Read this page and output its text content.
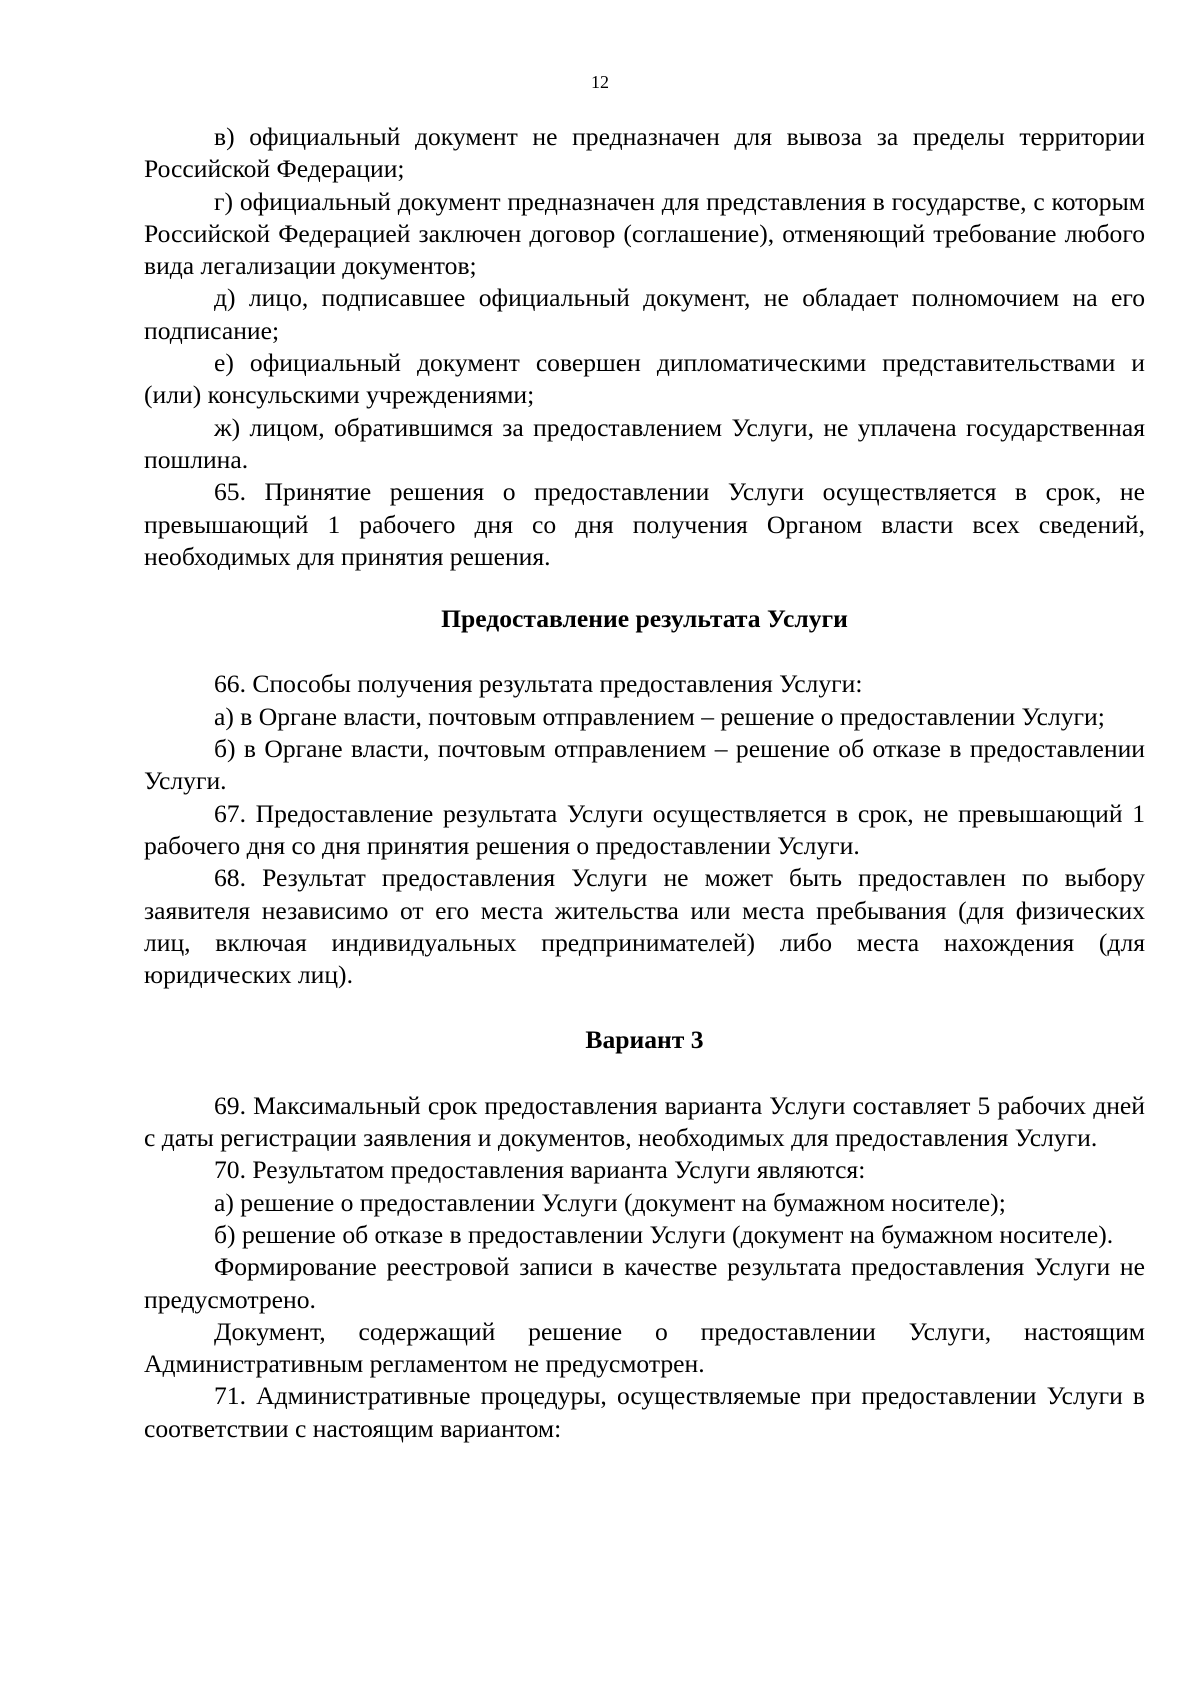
12

в) официальный документ не предназначен для вывоза за пределы территории Российской Федерации;

г) официальный документ предназначен для представления в государстве, с которым Российской Федерацией заключен договор (соглашение), отменяющий требование любого вида легализации документов;

д) лицо, подписавшее официальный документ, не обладает полномочием на его подписание;

е) официальный документ совершен дипломатическими представительствами и (или) консульскими учреждениями;

ж) лицом, обратившимся за предоставлением Услуги, не уплачена государственная пошлина.

65. Принятие решения о предоставлении Услуги осуществляется в срок, не превышающий 1 рабочего дня со дня получения Органом власти всех сведений, необходимых для принятия решения.

Предоставление результата Услуги

66. Способы получения результата предоставления Услуги:

а) в Органе власти, почтовым отправлением – решение о предоставлении Услуги;

б) в Органе власти, почтовым отправлением – решение об отказе в предоставлении Услуги.

67. Предоставление результата Услуги осуществляется в срок, не превышающий 1 рабочего дня со дня принятия решения о предоставлении Услуги.

68. Результат предоставления Услуги не может быть предоставлен по выбору заявителя независимо от его места жительства или места пребывания (для физических лиц, включая индивидуальных предпринимателей) либо места нахождения (для юридических лиц).

Вариант 3

69. Максимальный срок предоставления варианта Услуги составляет 5 рабочих дней с даты регистрации заявления и документов, необходимых для предоставления Услуги.

70. Результатом предоставления варианта Услуги являются:

а) решение о предоставлении Услуги (документ на бумажном носителе);

б) решение об отказе в предоставлении Услуги (документ на бумажном носителе).

Формирование реестровой записи в качестве результата предоставления Услуги не предусмотрено.

Документ, содержащий решение о предоставлении Услуги, настоящим Административным регламентом не предусмотрен.

71. Административные процедуры, осуществляемые при предоставлении Услуги в соответствии с настоящим вариантом:
